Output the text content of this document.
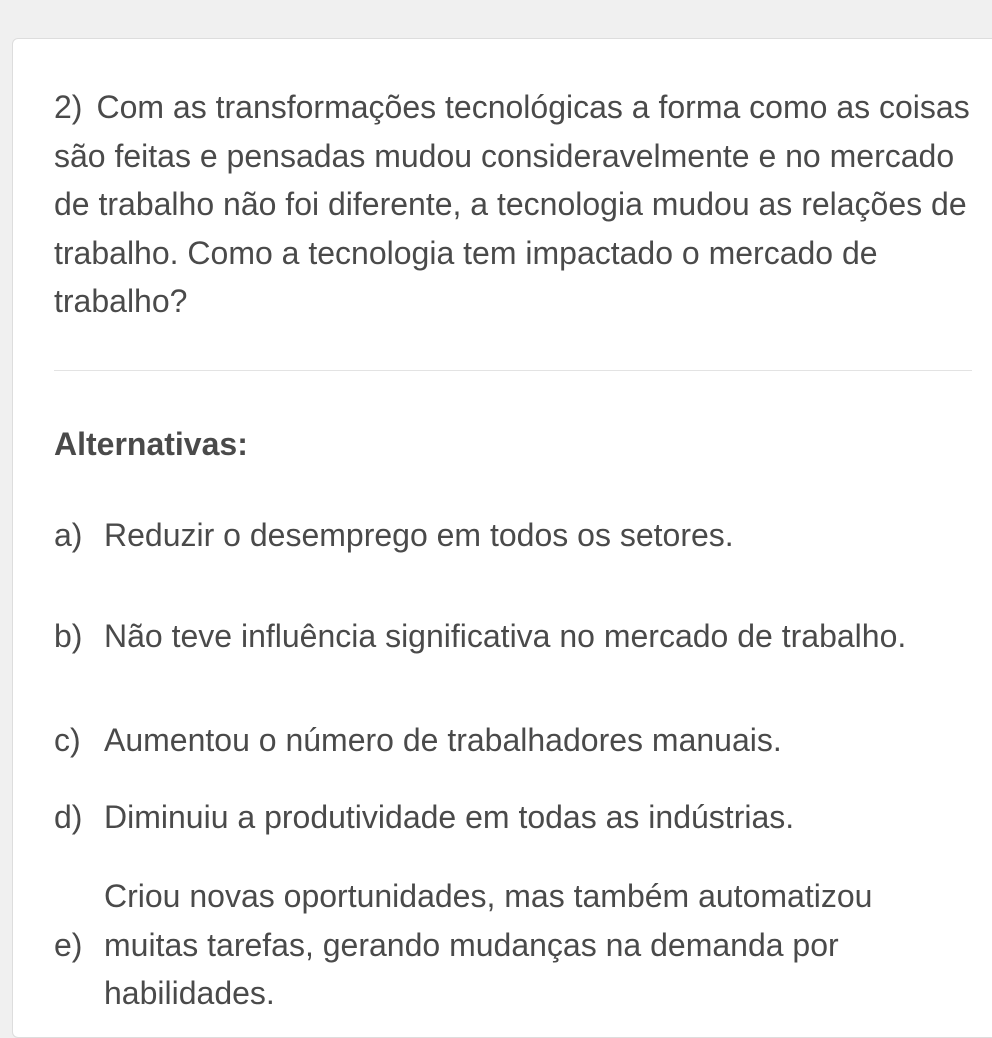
2) Com as transformações tecnológicas a forma como as coisas são feitas e pensadas mudou consideravelmente e no mercado de trabalho não foi diferente, a tecnologia mudou as relações de trabalho. Como a tecnologia tem impactado o mercado de trabalho?

Alternativas:
a) Reduzir o desemprego em todos os setores.
b) Não teve influência significativa no mercado de trabalho.
c) Aumentou o número de trabalhadores manuais.
d) Diminuiu a produtividade em todas as indústrias.
e)
Criou novas oportunidades, mas também automatizou muitas tarefas, gerando mudanças na demanda por habilidades.
